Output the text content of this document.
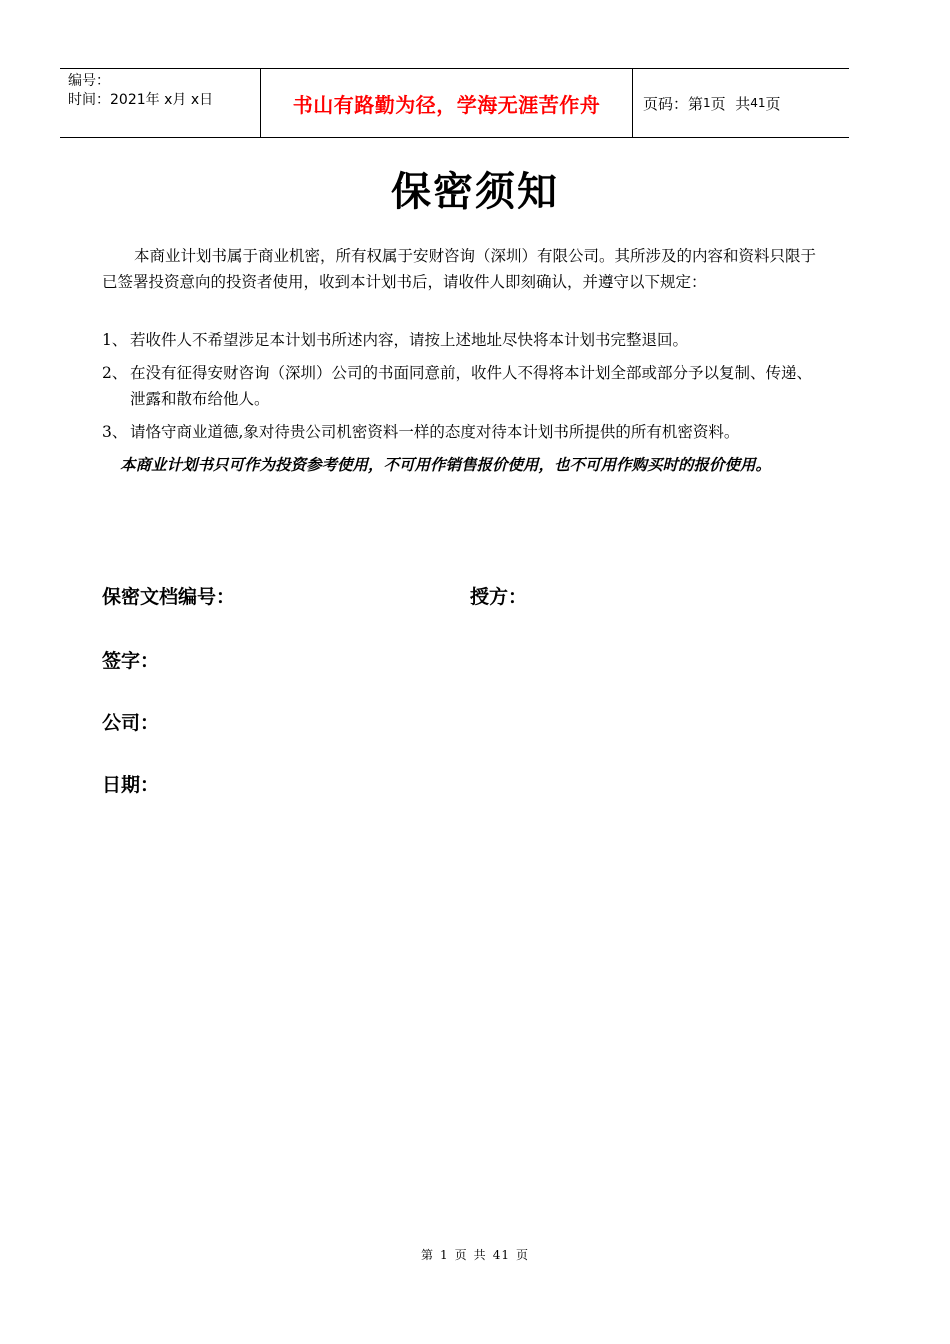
编号：
时间：2021年 x月 x日	书山有路勤为径，学海无涯苦作舟	页码：第 1 页  共 41 页
保密须知
本商业计划书属于商业机密，所有权属于安财咨询（深圳）有限公司。其所涉及的内容和资料只限于已签署投资意向的投资者使用，收到本计划书后，请收件人即刻确认，并遵守以下规定：
1、 若收件人不希望涉足本计划书所述内容，请按上述地址尽快将本计划书完整退回。
2、 在没有征得安财咨询（深圳）公司的书面同意前，收件人不得将本计划全部或部分予以复制、传递、泄露和散布给他人。
3、 请恪守商业道德,象对待贵公司机密资料一样的态度对待本计划书所提供的所有机密资料。
本商业计划书只可作为投资参考使用，不可用作销售报价使用，也不可用作购买时的报价使用。
保密文档编号：	授方：
签字：
公司：
日期：
第 1 页 共 41 页
